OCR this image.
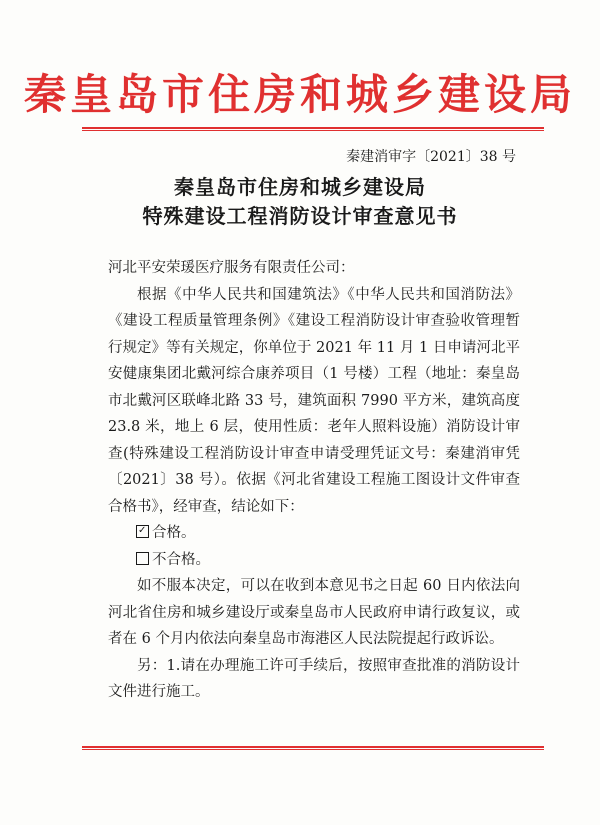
秦皇岛市住房和城乡建设局
秦建消审字〔2021〕38 号
秦皇岛市住房和城乡建设局
特殊建设工程消防设计审查意见书

河北平安荣瑗医疗服务有限责任公司：

根据《中华人民共和国建筑法》《中华人民共和国消防法》《建设工程质量管理条例》《建设工程消防设计审查验收管理暂行规定》等有关规定，你单位于 2021 年 11 月 1 日申请河北平安健康集团北戴河综合康养项目（1 号楼）工程（地址：秦皇岛市北戴河区联峰北路 33 号，建筑面积 7990 平方米，建筑高度 23.8 米，地上 6 层，使用性质：老年人照料设施）消防设计审查(特殊建设工程消防设计审查申请受理凭证文号：秦建消审凭〔2021〕38 号）。依据《河北省建设工程施工图设计文件审查合格书》，经审查，结论如下：

✓合格。

不合格。

如不服本决定，可以在收到本意见书之日起 60 日内依法向河北省住房和城乡建设厅或秦皇岛市人民政府申请行政复议，或者在 6 个月内依法向秦皇岛市海港区人民法院提起行政诉讼。

另：1.请在办理施工许可手续后，按照审查批准的消防设计文件进行施工。
